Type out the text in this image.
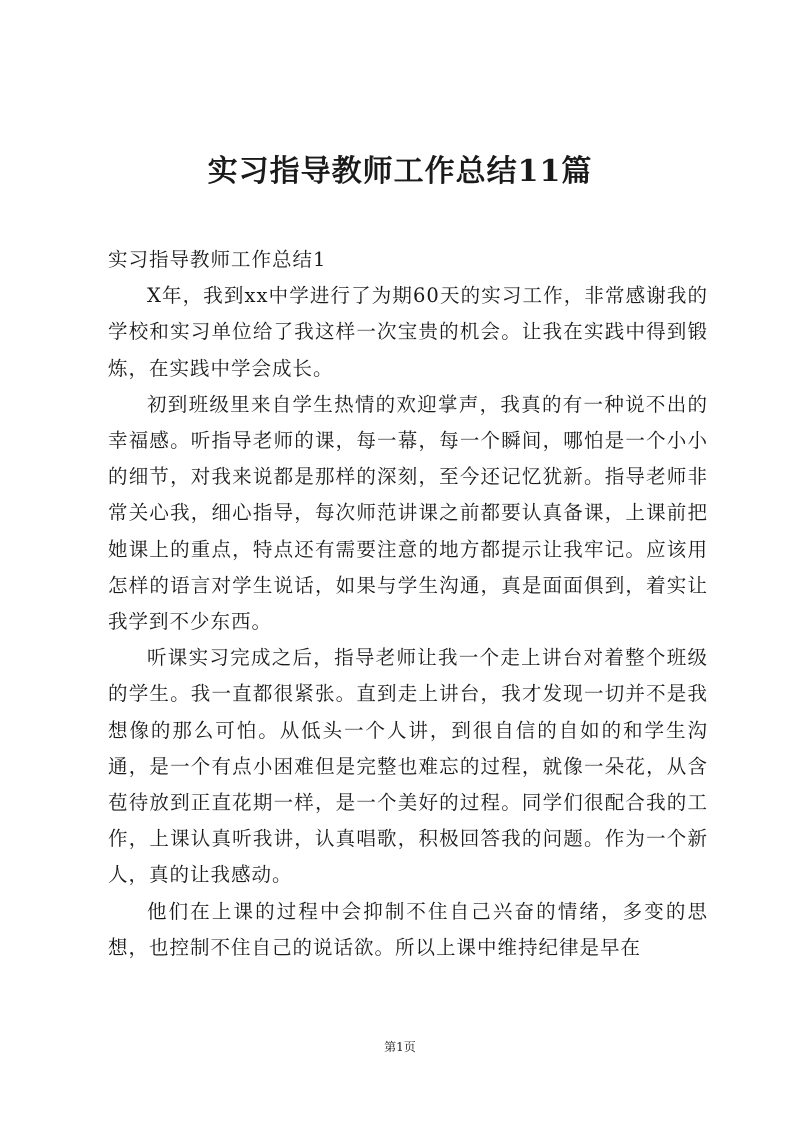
实习指导教师工作总结11篇
实习指导教师工作总结1

X年，我到xx中学进行了为期60天的实习工作，非常感谢我的学校和实习单位给了我这样一次宝贵的机会。让我在实践中得到锻炼，在实践中学会成长。

初到班级里来自学生热情的欢迎掌声，我真的有一种说不出的幸福感。听指导老师的课，每一幕，每一个瞬间，哪怕是一个小小的细节，对我来说都是那样的深刻，至今还记忆犹新。指导老师非常关心我，细心指导，每次师范讲课之前都要认真备课，上课前把她课上的重点，特点还有需要注意的地方都提示让我牢记。应该用怎样的语言对学生说话，如果与学生沟通，真是面面俱到，着实让我学到不少东西。

听课实习完成之后，指导老师让我一个走上讲台对着整个班级的学生。我一直都很紧张。直到走上讲台，我才发现一切并不是我想像的那么可怕。从低头一个人讲，到很自信的自如的和学生沟通，是一个有点小困难但是完整也难忘的过程，就像一朵花，从含苞待放到正直花期一样，是一个美好的过程。同学们很配合我的工作，上课认真听我讲，认真唱歌，积极回答我的问题。作为一个新人，真的让我感动。

他们在上课的过程中会抑制不住自己兴奋的情绪，多变的思想，也控制不住自己的说话欲。所以上课中维持纪律是早在

第1页
